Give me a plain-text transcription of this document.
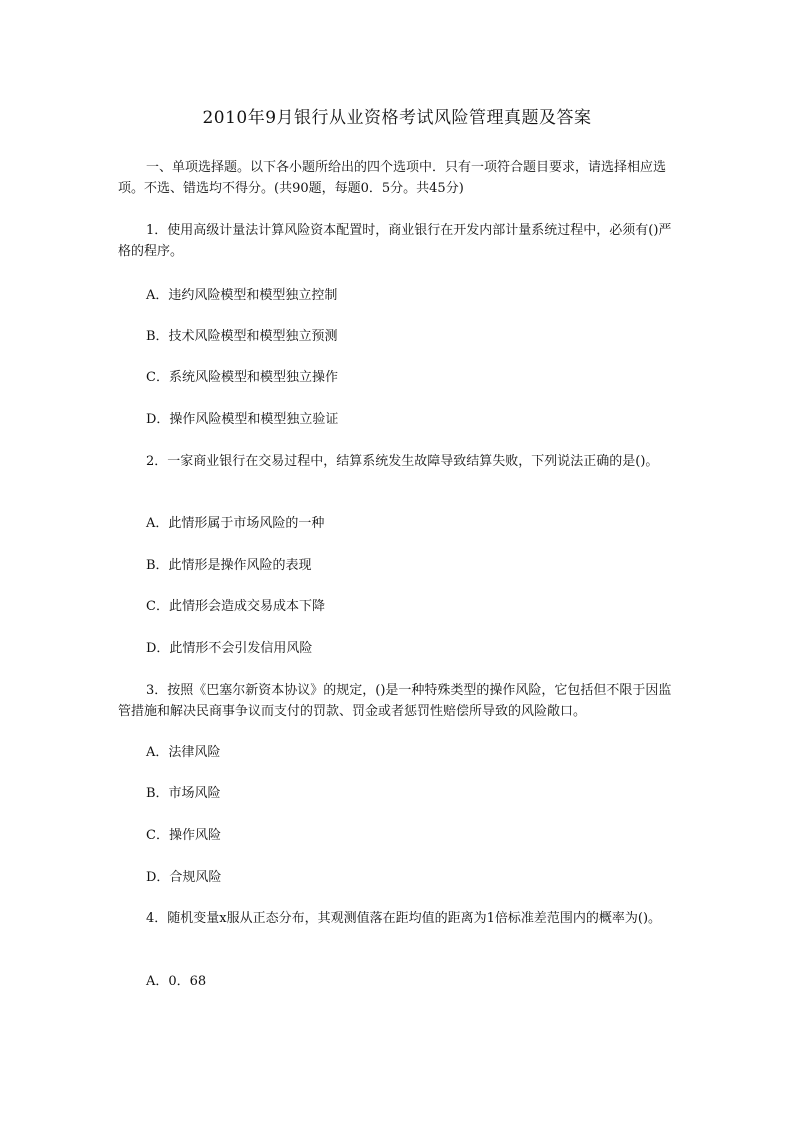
2010年9月银行从业资格考试风险管理真题及答案

一、单项选择题。以下各小题所给出的四个选项中．只有一项符合题目要求，请选择相应选项。不选、错选均不得分。(共90题，每题0．5分。共45分)

1．使用高级计量法计算风险资本配置时，商业银行在开发内部计量系统过程中，必须有()严格的程序。

A．违约风险模型和模型独立控制

B．技术风险模型和模型独立预测

C．系统风险模型和模型独立操作

D．操作风险模型和模型独立验证

2．一家商业银行在交易过程中，结算系统发生故障导致结算失败，下列说法正确的是()。

A．此情形属于市场风险的一种

B．此情形是操作风险的表现

C．此情形会造成交易成本下降

D．此情形不会引发信用风险

3．按照《巴塞尔新资本协议》的规定，()是一种特殊类型的操作风险，它包括但不限于因监管措施和解决民商事争议而支付的罚款、罚金或者惩罚性赔偿所导致的风险敞口。

A．法律风险

B．市场风险

C．操作风险

D．合规风险

4．随机变量x服从正态分布，其观测值落在距均值的距离为1倍标准差范围内的概率为()。

A．0．68
